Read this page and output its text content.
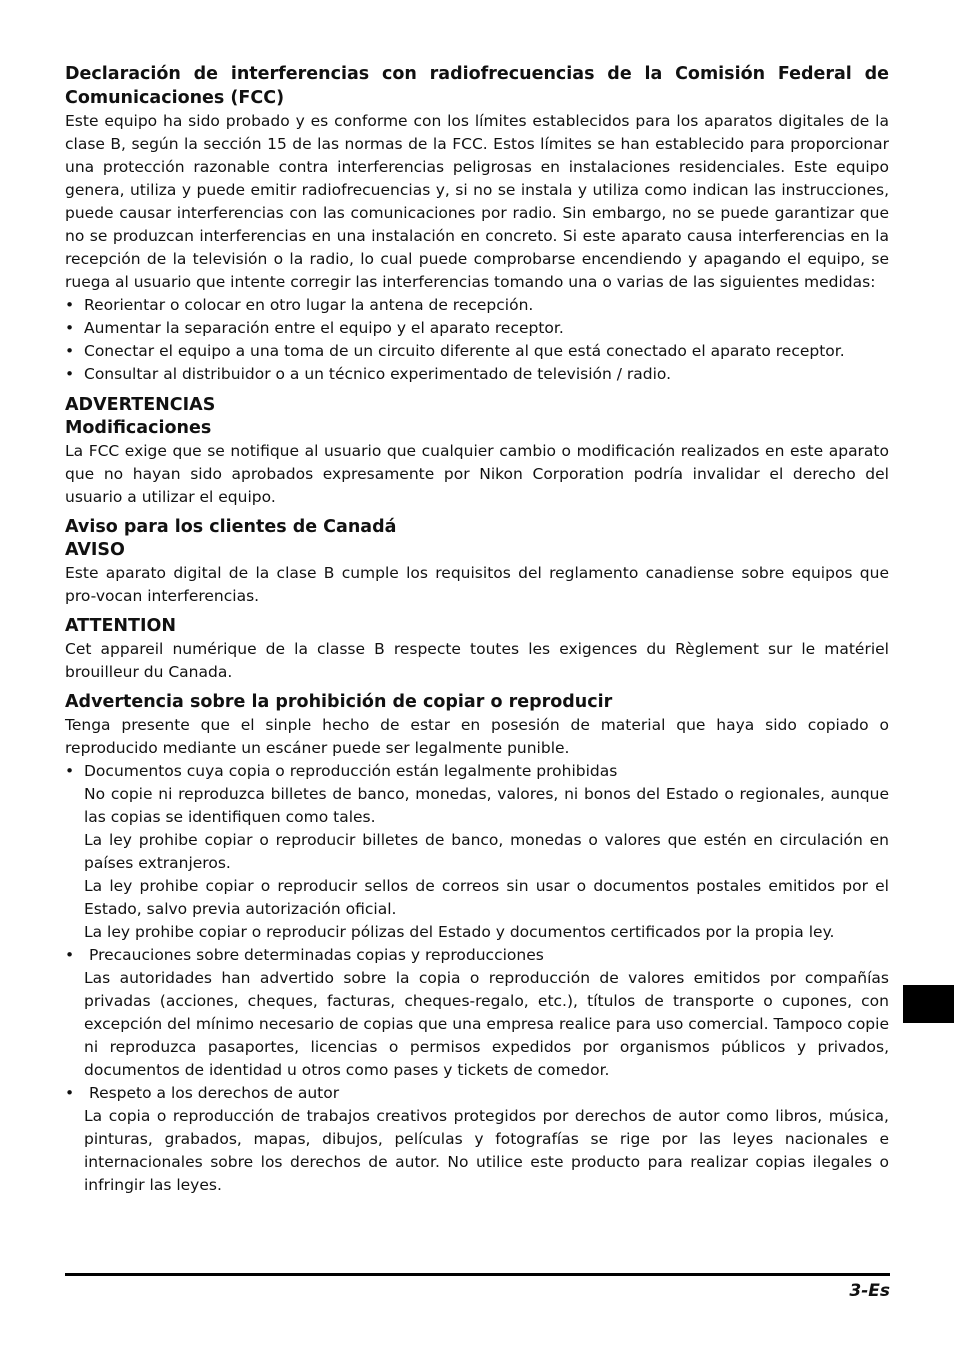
Declaración de interferencias con radiofrecuencias de la Comisión Federal de Comunicaciones (FCC)

Este equipo ha sido probado y es conforme con los límites establecidos para los aparatos digitales de la clase B, según la sección 15 de las normas de la FCC. Estos límites se han establecido para proporcionar una protección razonable contra interferencias peligrosas en instalaciones residenciales. Este equipo genera, utiliza y puede emitir radiofrecuencias y, si no se instala y utiliza como indican las instrucciones, puede causar interferencias con las comunicaciones por radio. Sin embargo, no se puede garantizar que no se produzcan interferencias en una instalación en concreto. Si este aparato causa interferencias en la recepción de la televisión o la radio, lo cual puede comprobarse encendiendo y apagando el equipo, se ruega al usuario que intente corregir las interferencias tomando una o varias de las siguientes medidas:

• Reorientar o colocar en otro lugar la antena de recepción.
• Aumentar la separación entre el equipo y el aparato receptor.
• Conectar el equipo a una toma de un circuito diferente al que está conectado el aparato receptor.
• Consultar al distribuidor o a un técnico experimentado de televisión / radio.
ADVERTENCIAS
Modificaciones

La FCC exige que se notifique al usuario que cualquier cambio o modificación realizados en este aparato que no hayan sido aprobados expresamente por Nikon Corporation podría invalidar el derecho del usuario a utilizar el equipo.

Aviso para los clientes de Canadá
AVISO

Este aparato digital de la clase B cumple los requisitos del reglamento canadiense sobre equipos que pro-vocan interferencias.

ATTENTION

Cet appareil numérique de la classe B respecte toutes les exigences du Règlement sur le matériel brouilleur du Canada.

Advertencia sobre la prohibición de copiar o reproducir

Tenga presente que el sinple hecho de estar en posesión de material que haya sido copiado o reproducido mediante un escáner puede ser legalmente punible.

• Documentos cuya copia o reproducción están legalmente prohibidas

No copie ni reproduzca billetes de banco, monedas, valores, ni bonos del Estado o regionales, aunque las copias se identifiquen como tales.

La ley prohibe copiar o reproducir billetes de banco, monedas o valores que estén en circulación en países extranjeros.

La ley prohibe copiar o reproducir sellos de correos sin usar o documentos postales emitidos por el Estado, salvo previa autorización oficial.

La ley prohibe copiar o reproducir pólizas del Estado y documentos certificados por la propia ley.

• Precauciones sobre determinadas copias y reproducciones

Las autoridades han advertido sobre la copia o reproducción de valores emitidos por compañías privadas (acciones, cheques, facturas, cheques-regalo, etc.), títulos de transporte o cupones, con excepción del mínimo necesario de copias que una empresa realice para uso comercial. Tampoco copie ni reproduzca pasaportes, licencias o permisos expedidos por organismos públicos y privados, documentos de identidad u otros como pases y tickets de comedor.

• Respeto a los derechos de autor

La copia o reproducción de trabajos creativos protegidos por derechos de autor como libros, música, pinturas, grabados, mapas, dibujos, películas y fotografías se rige por las leyes nacionales e internacionales sobre los derechos de autor. No utilice este producto para realizar copias ilegales o infringir las leyes.

3-Es
